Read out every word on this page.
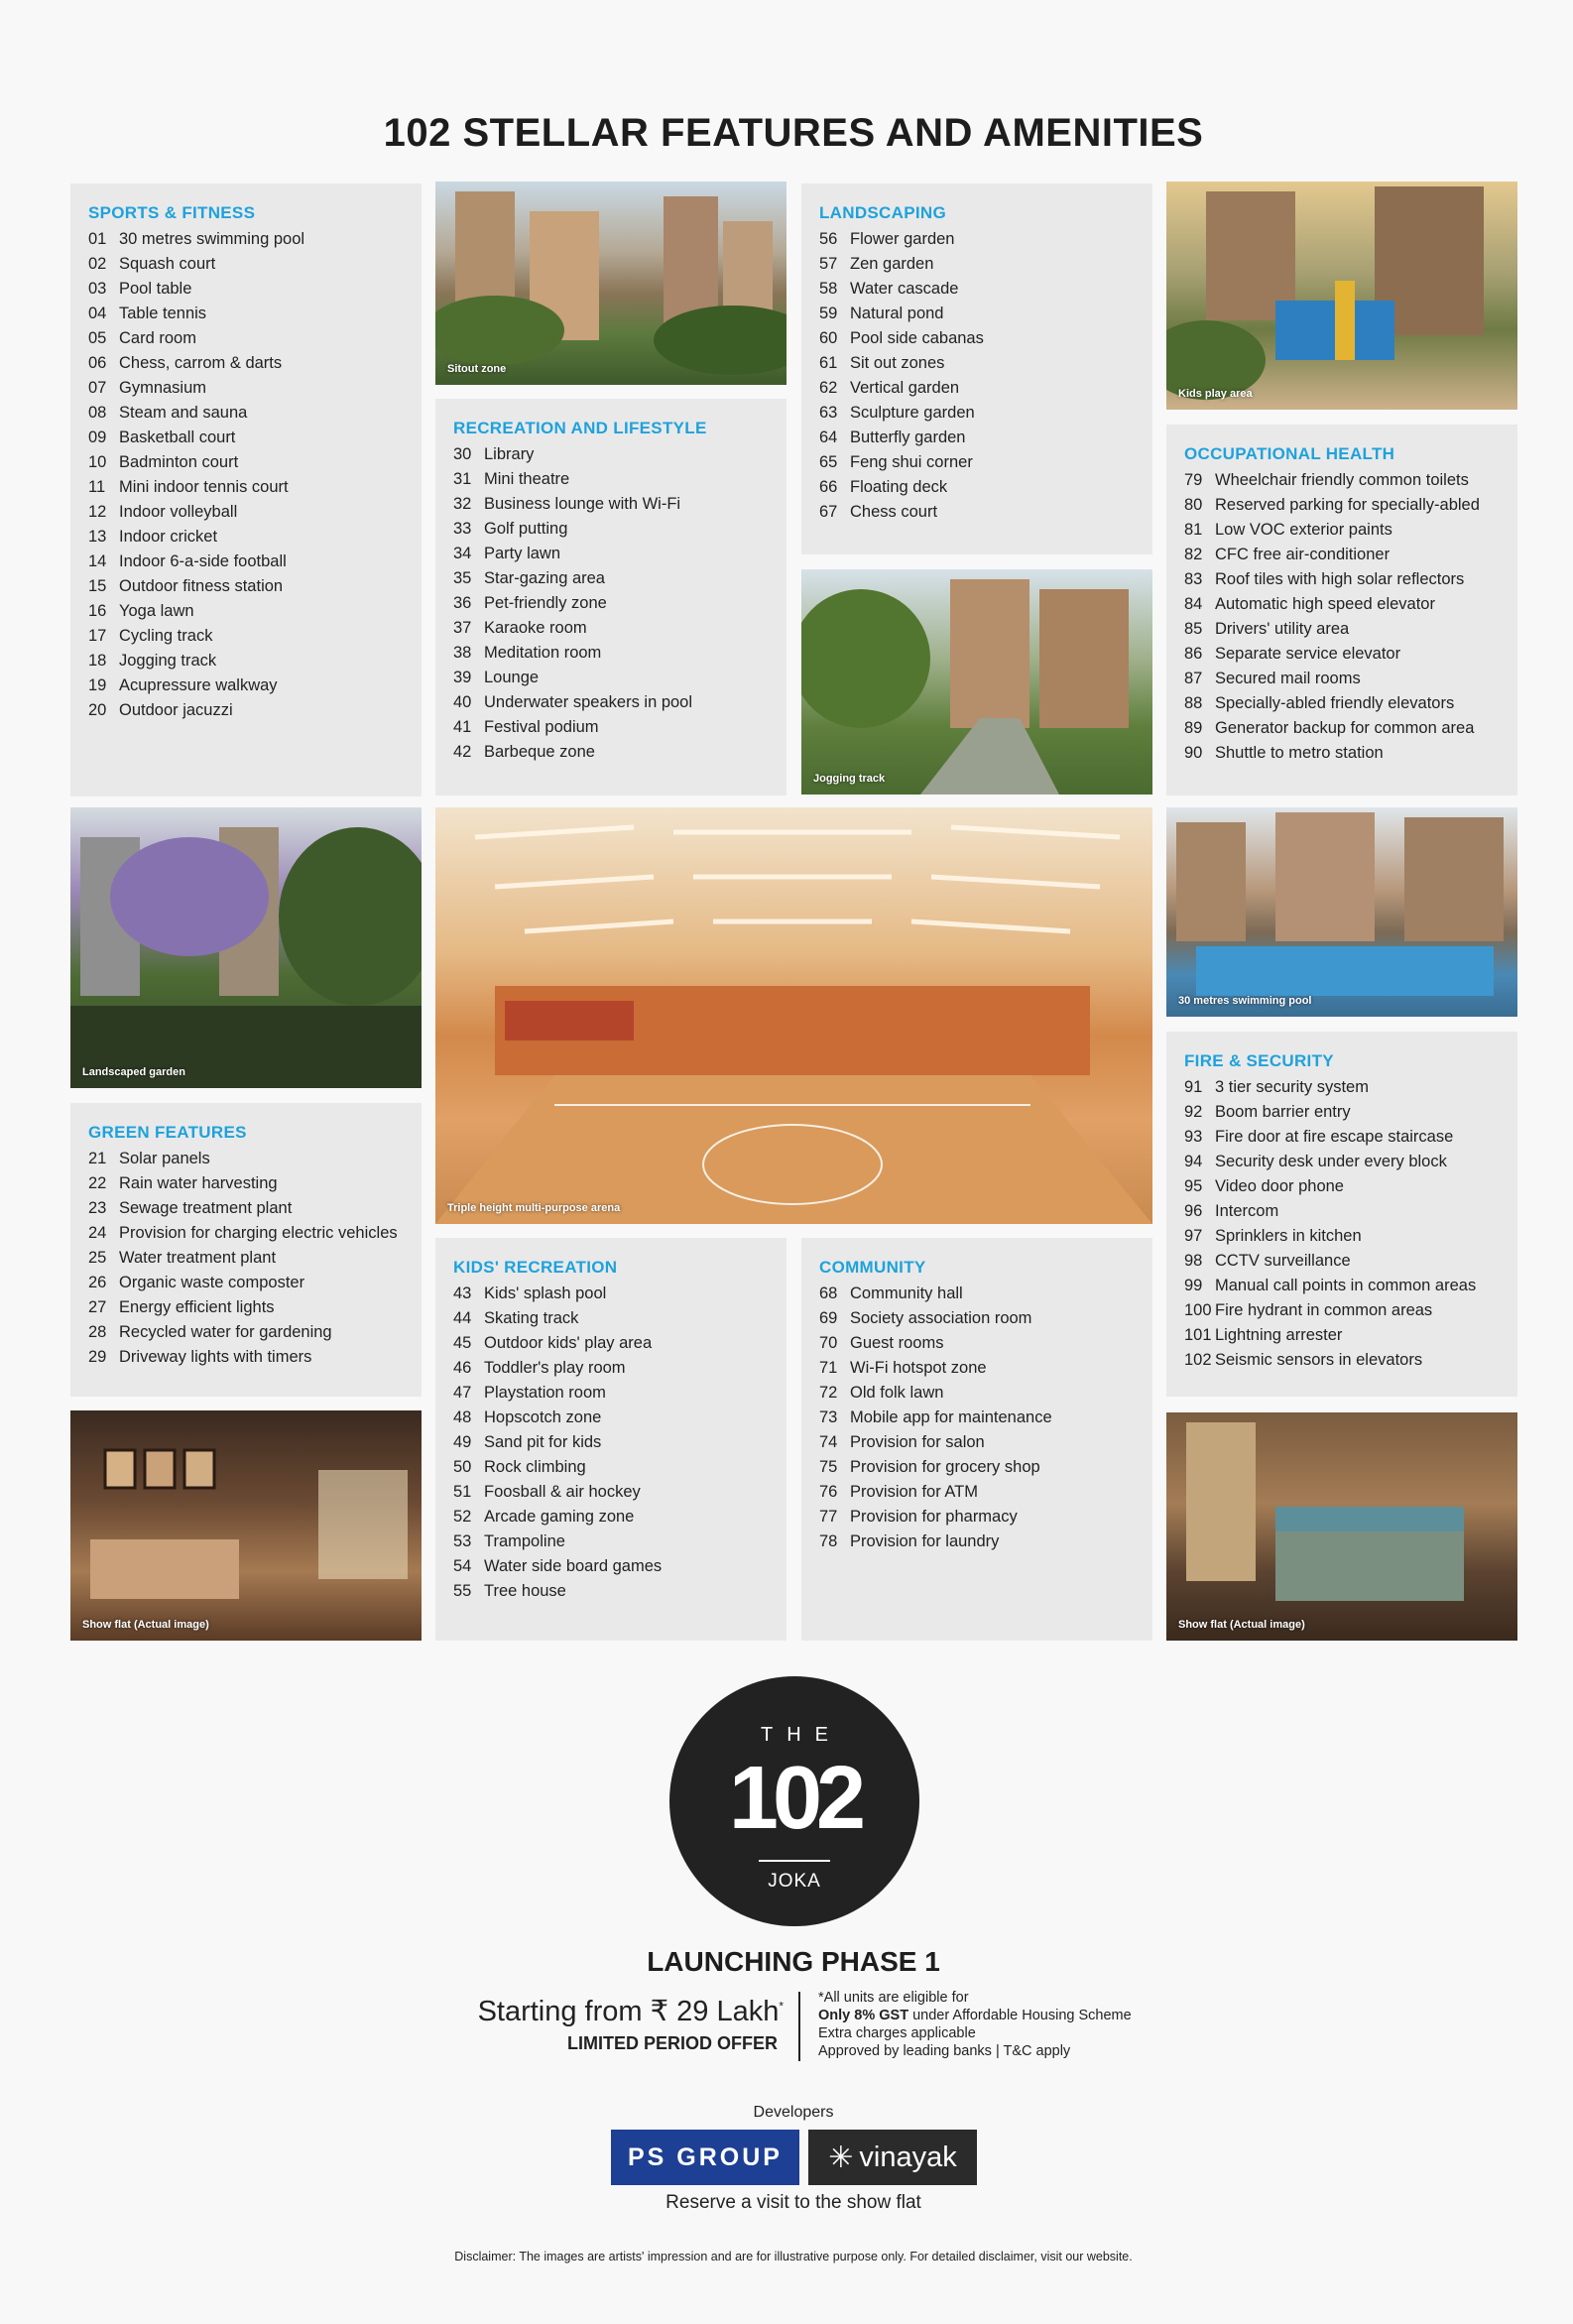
102 STELLAR FEATURES AND AMENITIES
SPORTS & FITNESS
01 30 metres swimming pool
02 Squash court
03 Pool table
04 Table tennis
05 Card room
06 Chess, carrom & darts
07 Gymnasium
08 Steam and sauna
09 Basketball court
10 Badminton court
11 Mini indoor tennis court
12 Indoor volleyball
13 Indoor cricket
14 Indoor 6-a-side football
15 Outdoor fitness station
16 Yoga lawn
17 Cycling track
18 Jogging track
19 Acupressure walkway
20 Outdoor jacuzzi
Sitout zone
RECREATION AND LIFESTYLE
30 Library
31 Mini theatre
32 Business lounge with Wi-Fi
33 Golf putting
34 Party lawn
35 Star-gazing area
36 Pet-friendly zone
37 Karaoke room
38 Meditation room
39 Lounge
40 Underwater speakers in pool
41 Festival podium
42 Barbeque zone
LANDSCAPING
56 Flower garden
57 Zen garden
58 Water cascade
59 Natural pond
60 Pool side cabanas
61 Sit out zones
62 Vertical garden
63 Sculpture garden
64 Butterfly garden
65 Feng shui corner
66 Floating deck
67 Chess court
Jogging track
Kids play area
OCCUPATIONAL HEALTH
79 Wheelchair friendly common toilets
80 Reserved parking for specially-abled
81 Low VOC exterior paints
82 CFC free air-conditioner
83 Roof tiles with high solar reflectors
84 Automatic high speed elevator
85 Drivers' utility area
86 Separate service elevator
87 Secured mail rooms
88 Specially-abled friendly elevators
89 Generator backup for common area
90 Shuttle to metro station
Landscaped garden
Triple height multi-purpose arena
30 metres swimming pool
GREEN FEATURES
21 Solar panels
22 Rain water harvesting
23 Sewage treatment plant
24 Provision for charging electric vehicles
25 Water treatment plant
26 Organic waste composter
27 Energy efficient lights
28 Recycled water for gardening
29 Driveway lights with timers
FIRE & SECURITY
91 3 tier security system
92 Boom barrier entry
93 Fire door at fire escape staircase
94 Security desk under every block
95 Video door phone
96 Intercom
97 Sprinklers in kitchen
98 CCTV surveillance
99 Manual call points in common areas
100 Fire hydrant in common areas
101 Lightning arrester
102 Seismic sensors in elevators
KIDS' RECREATION
43 Kids' splash pool
44 Skating track
45 Outdoor kids' play area
46 Toddler's play room
47 Playstation room
48 Hopscotch zone
49 Sand pit for kids
50 Rock climbing
51 Foosball & air hockey
52 Arcade gaming zone
53 Trampoline
54 Water side board games
55 Tree house
COMMUNITY
68 Community hall
69 Society association room
70 Guest rooms
71 Wi-Fi hotspot zone
72 Old folk lawn
73 Mobile app for maintenance
74 Provision for salon
75 Provision for grocery shop
76 Provision for ATM
77 Provision for pharmacy
78 Provision for laundry
Show flat (Actual image)	Show flat (Actual image)
THE
102
JOKA
LAUNCHING PHASE 1
Starting from ₹ 29 Lakh*
LIMITED PERIOD OFFER
*All units are eligible for
Only 8% GST under Affordable Housing Scheme
Extra charges applicable
Approved by leading banks | T&C apply
Developers
PS GROUP ✳ vinayak
Reserve a visit to the show flat
Disclaimer: The images are artists' impression and are for illustrative purpose only. For detailed disclaimer, visit our website.
